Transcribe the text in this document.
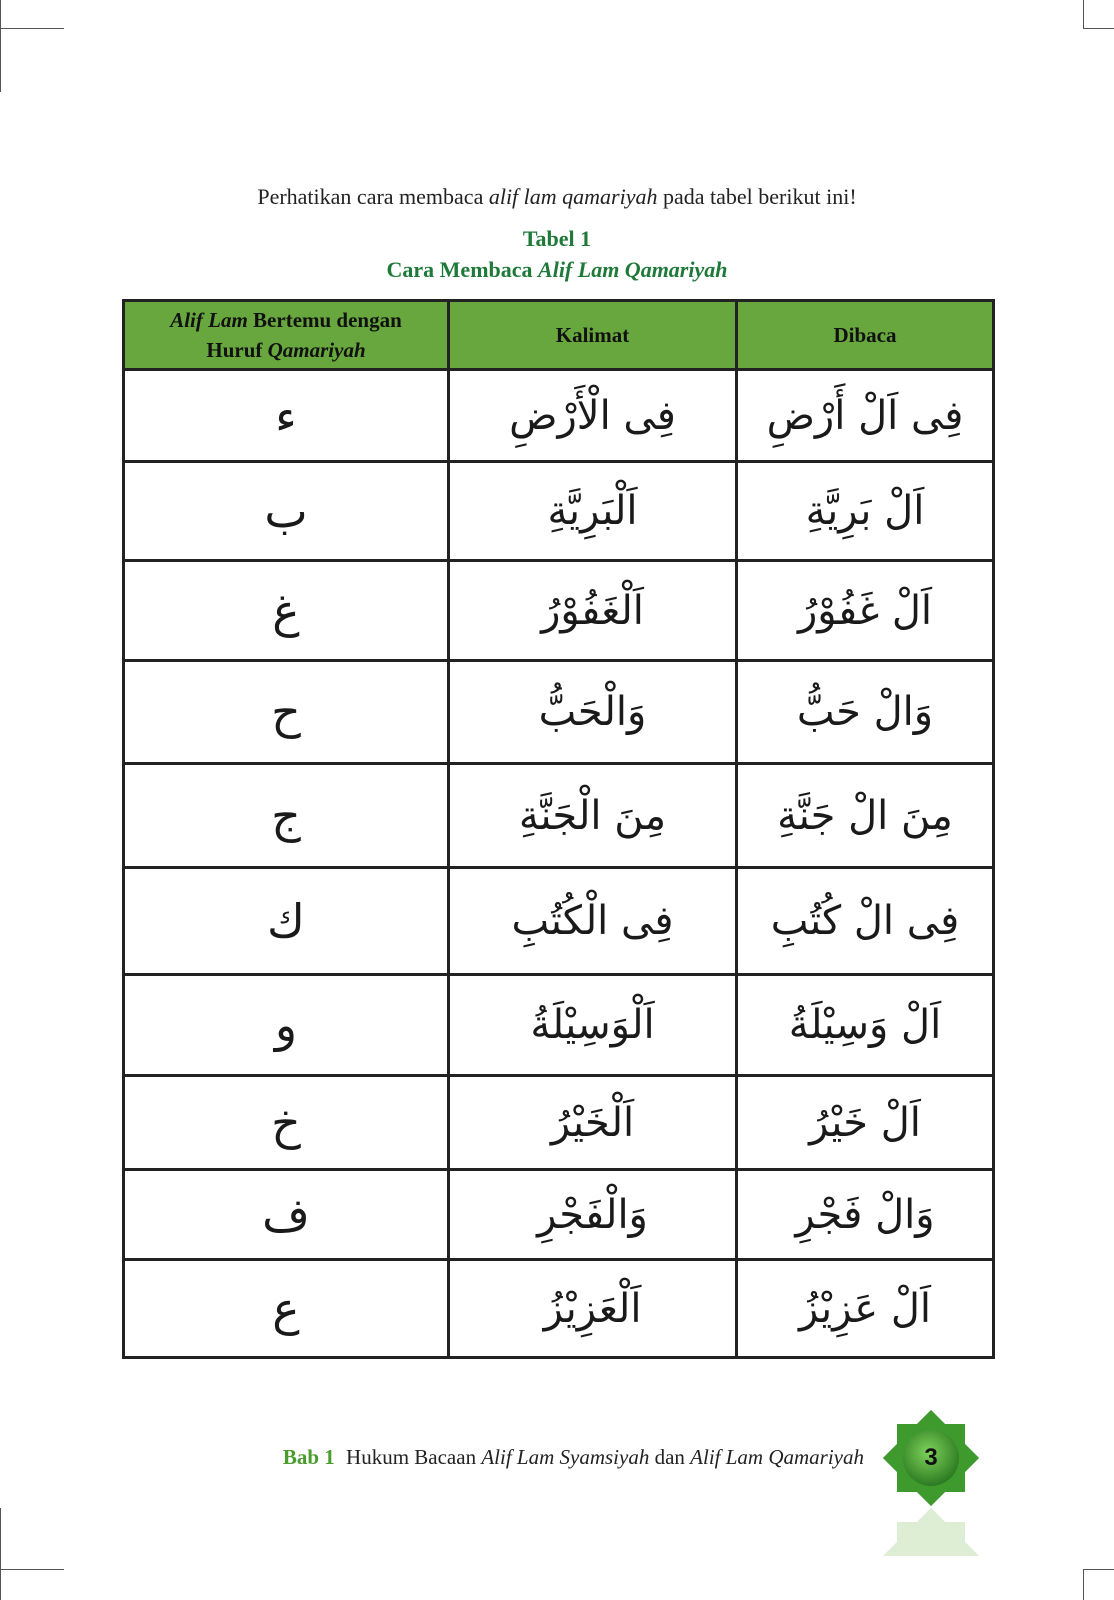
Perhatikan cara membaca alif lam qamariyah pada tabel berikut ini!

Tabel 1
Cara Membaca Alif Lam Qamariyah
Alif Lam Bertemu dengan
Huruf Qamariyah	Kalimat	Dibaca
ء	فِى الْأَرْضِ	فِى اَلْ أَرْضِ
ب	اَلْبَرِيَّةِ	اَلْ بَرِيَّةِ
غ	اَلْغَفُوْرُ	اَلْ غَفُوْرُ
ح	وَالْحَبُّ	وَالْ حَبُّ
ج	مِنَ الْجَنَّةِ	مِنَ الْ جَنَّةِ
ك	فِى الْكُتُبِ	فِى الْ كُتُبِ
و	اَلْوَسِيْلَةُ	اَلْ وَسِيْلَةُ
خ	اَلْخَيْرُ	اَلْ خَيْرُ
ف	وَالْفَجْرِ	وَالْ فَجْرِ
ع	اَلْعَزِيْزُ	اَلْ عَزِيْزُ
Bab 1 Hukum Bacaan Alif Lam Syamsiyah dan Alif Lam Qamariyah	3
